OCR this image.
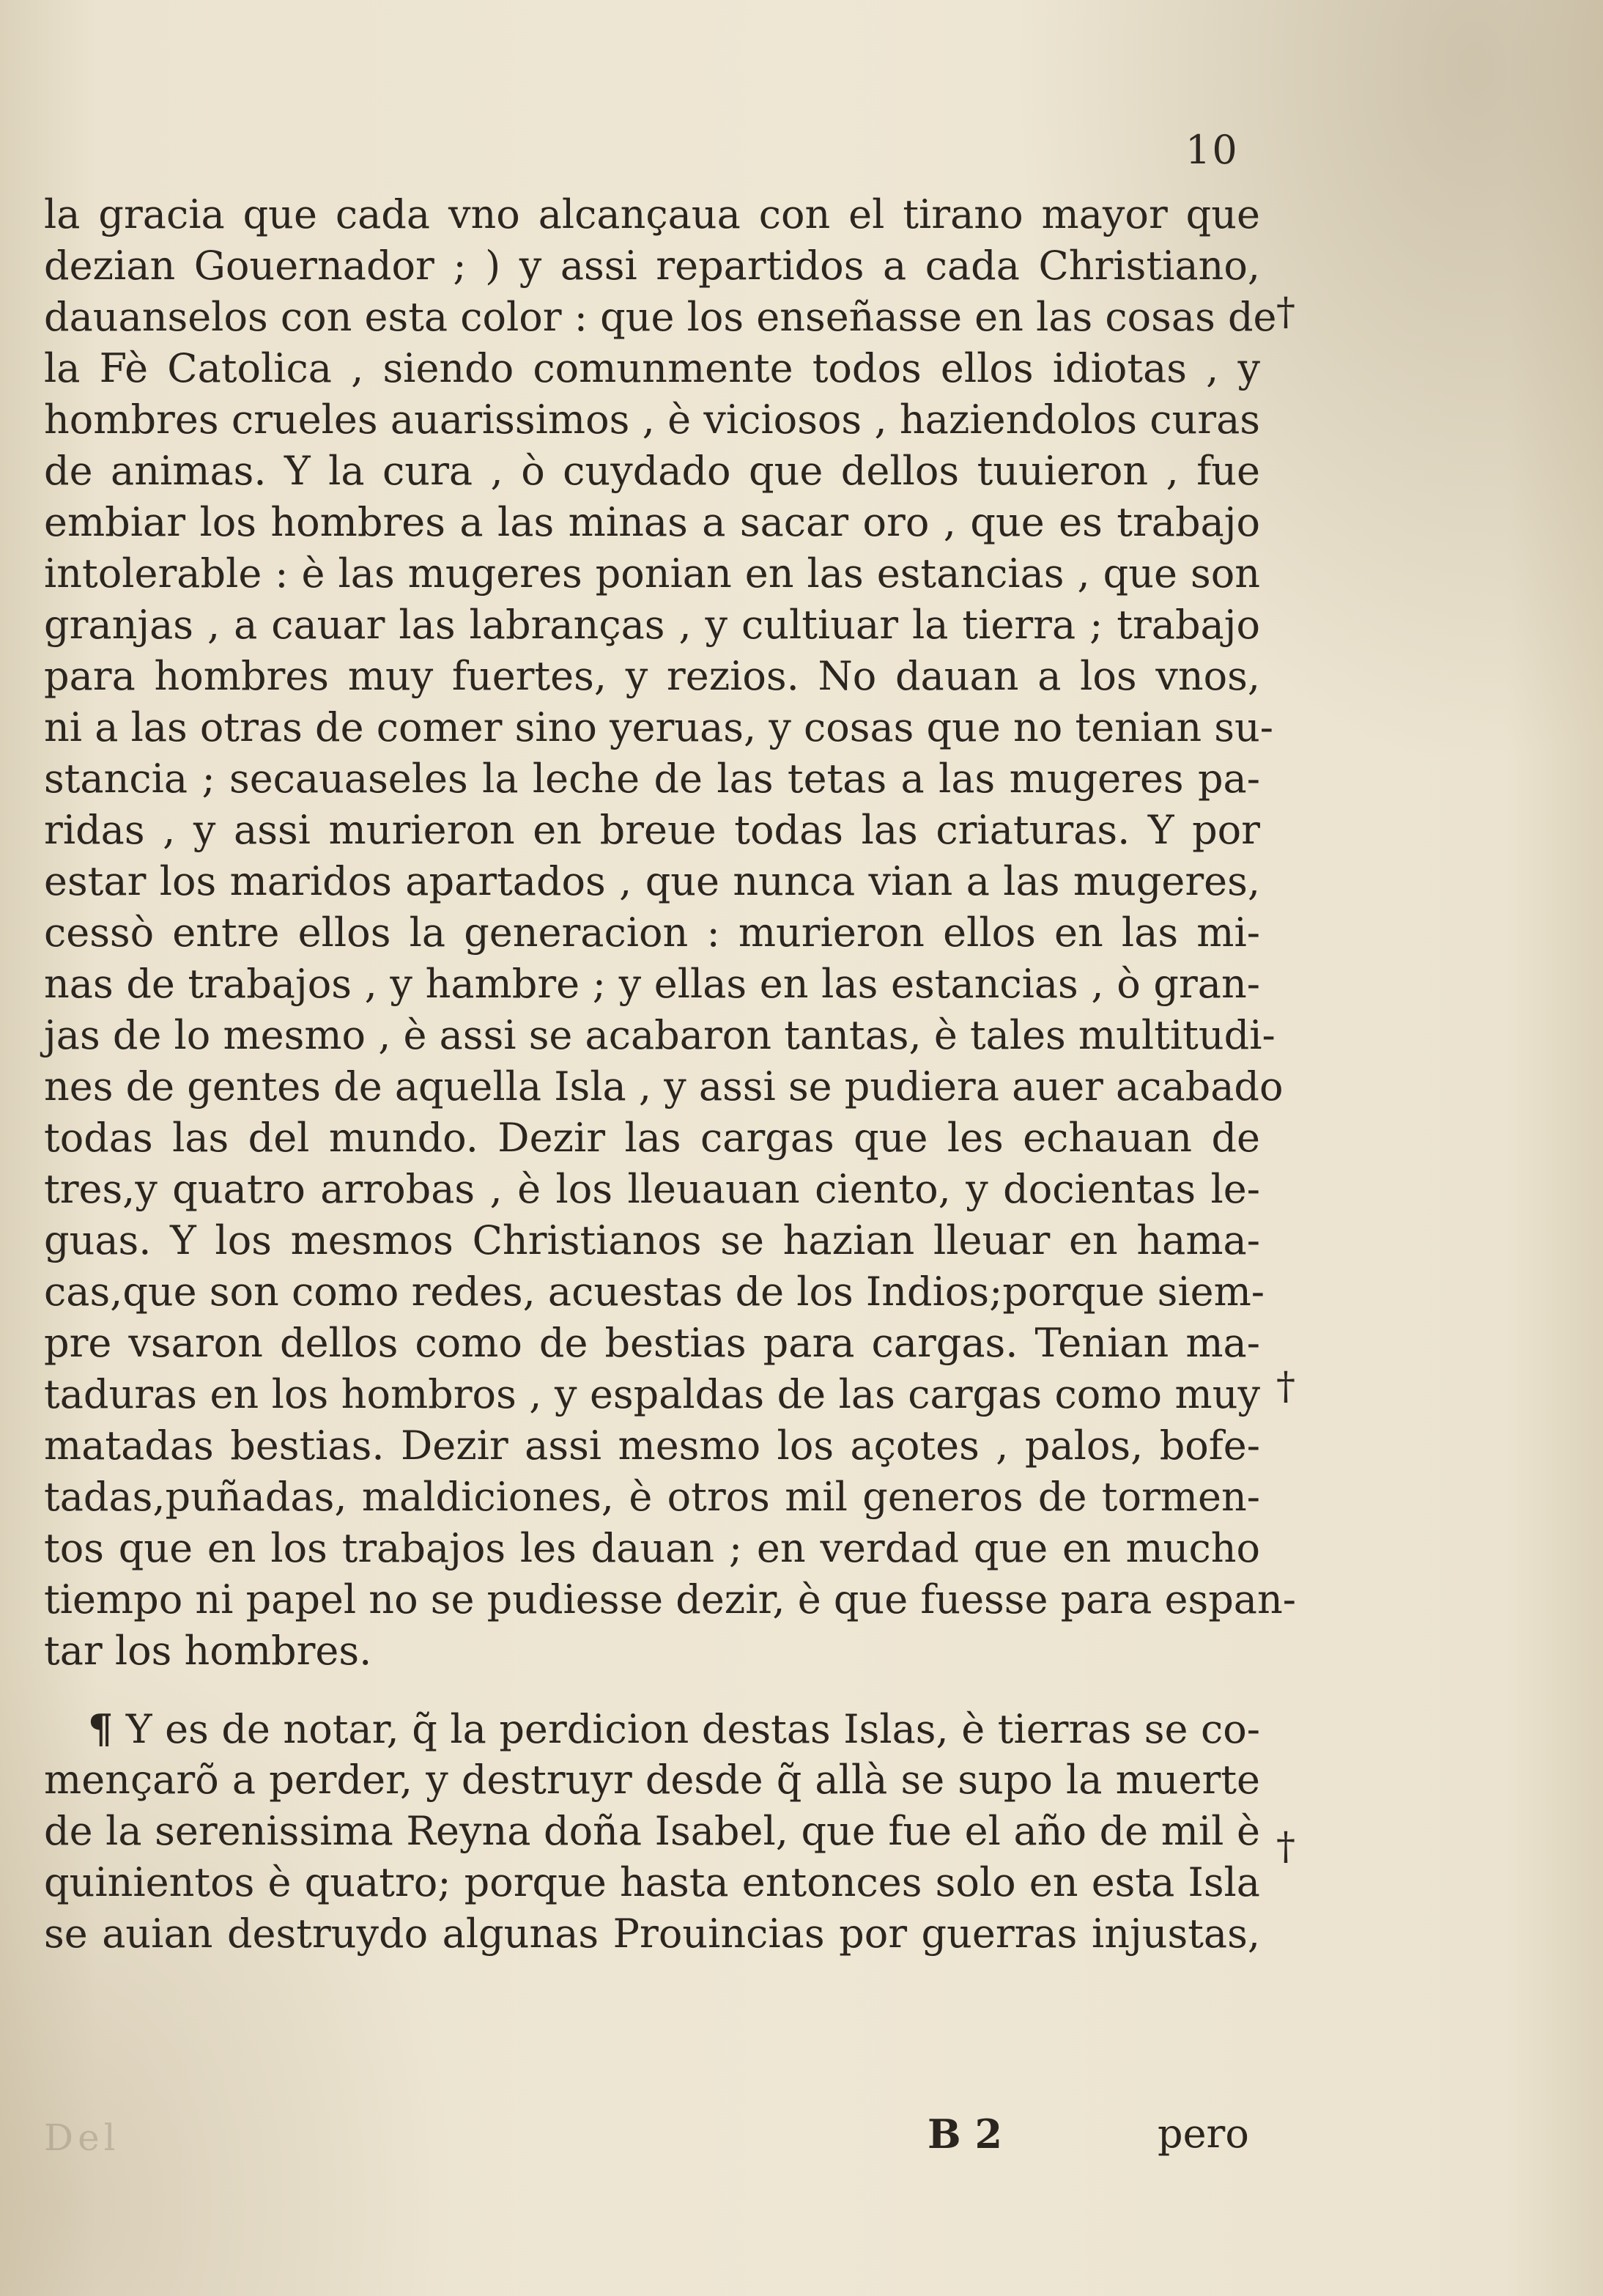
10
la gracia que cada vno alcançaua con el tirano mayor que
dezian Gouernador ; ) y assi repartidos a cada Christiano,
dauanselos con esta color : que los enseñasse en las cosas de
la Fè Catolica , siendo comunmente todos ellos idiotas , y
hombres crueles auarissimos , è viciosos , haziendolos curas
de animas. Y la cura , ò cuydado que dellos tuuieron , fue
embiar los hombres a las minas a sacar oro , que es trabajo
intolerable : è las mugeres ponian en las estancias , que son
granjas , a cauar las labranças , y cultiuar la tierra ; trabajo
para hombres muy fuertes, y rezios. No dauan a los vnos,
ni a las otras de comer sino yeruas, y cosas que no tenian su-
stancia ; secauaseles la leche de las tetas a las mugeres pa-
ridas , y assi murieron en breue todas las criaturas. Y por
estar los maridos apartados , que nunca vian a las mugeres,
cessò entre ellos la generacion : murieron ellos en las mi-
nas de trabajos , y hambre ; y ellas en las estancias , ò gran-
jas de lo mesmo , è assi se acabaron tantas, è tales multitudi-
nes de gentes de aquella Isla , y assi se pudiera auer acabado
todas las del mundo. Dezir las cargas que les echauan de
tres,y quatro arrobas , è los lleuauan ciento, y docientas le-
guas. Y los mesmos Christianos se hazian lleuar en hama-
cas,que son como redes, acuestas de los Indios;porque siem-
pre vsaron dellos como de bestias para cargas. Tenian ma-
taduras en los hombros , y espaldas de las cargas como muy
matadas bestias. Dezir assi mesmo los açotes , palos, bofe-
tadas,puñadas, maldiciones, è otros mil generos de tormen-
tos que en los trabajos les dauan ; en verdad que en mucho
tiempo ni papel no se pudiesse dezir, è que fuesse para espan-
tar los hombres.
¶ Y es de notar, q̃ la perdicion destas Islas, è tierras se co-
mençarõ a perder, y destruyr desde q̃ allà se supo la muerte
de la serenissima Reyna doña Isabel, que fue el año de mil è
quinientos è quatro; porque hasta entonces solo en esta Isla
se auian destruydo algunas Prouincias por guerras injustas,
†
†
†
Del	B 2	pero
